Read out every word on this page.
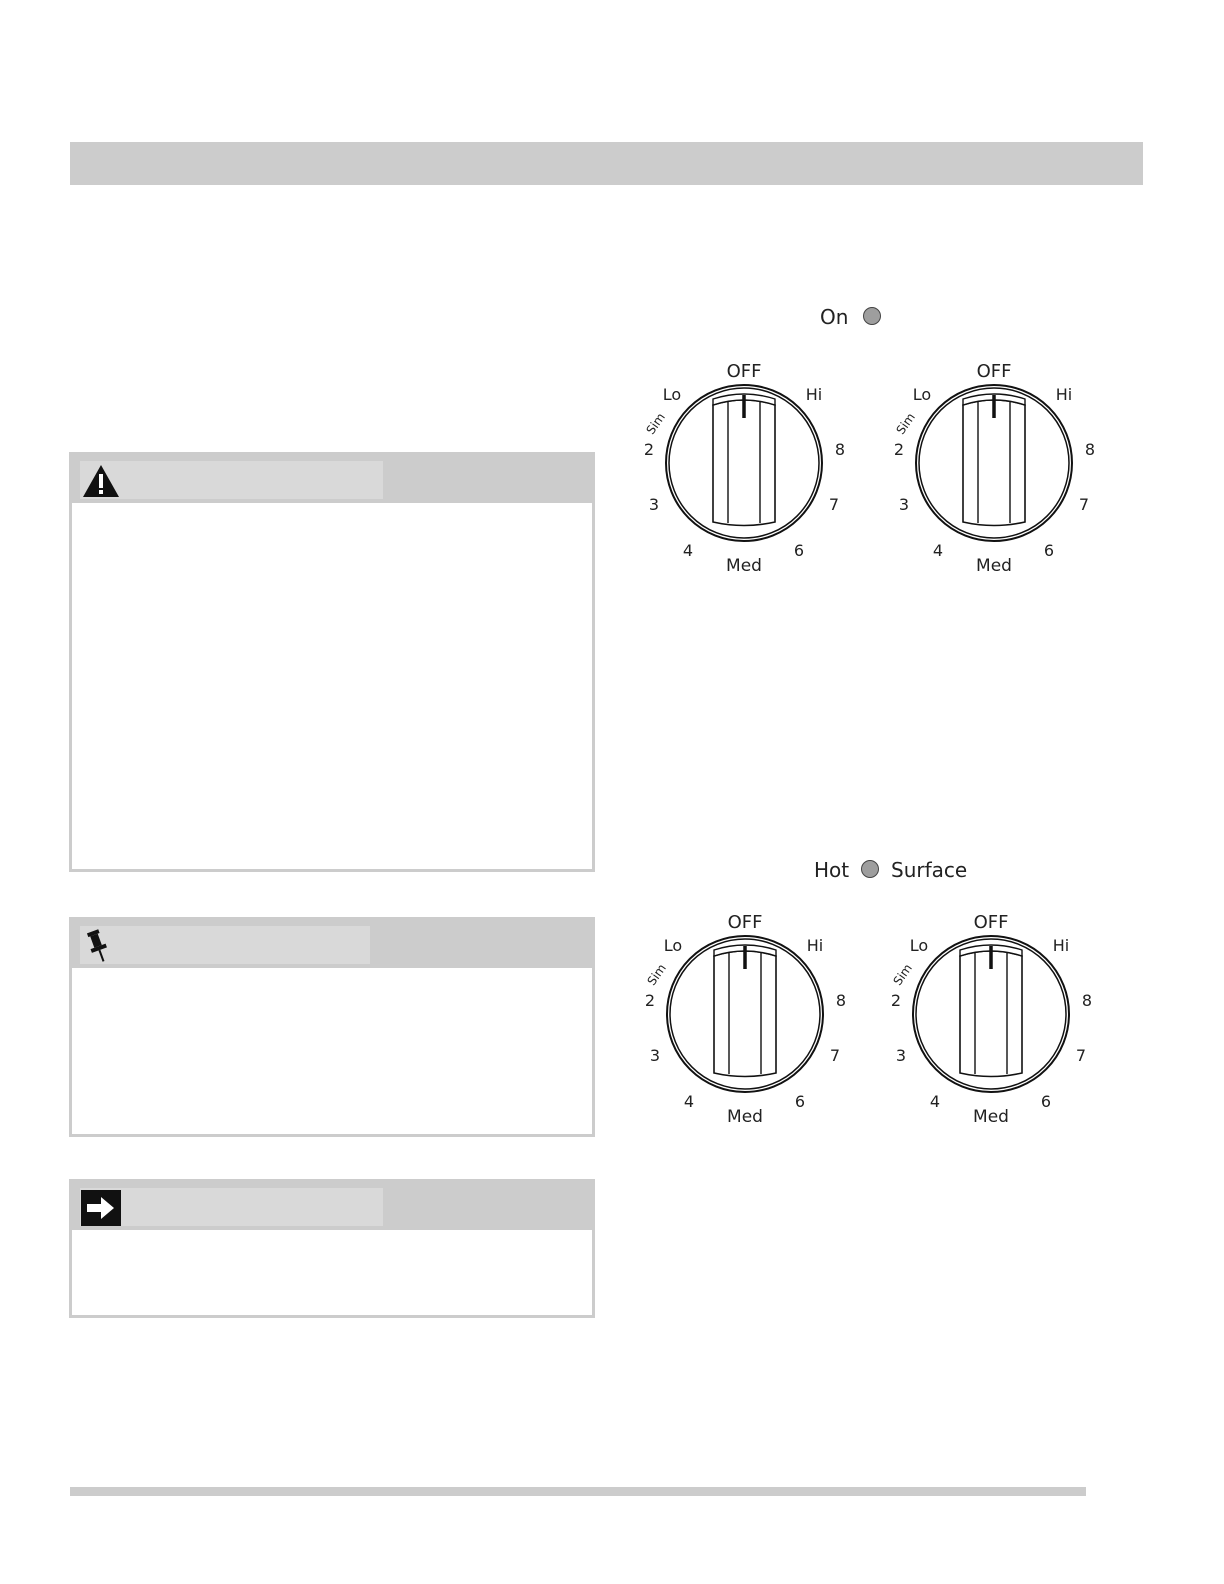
On
Hot Surface
OFF
Lo
Sim
Hi
2
3
4
Med
6
7
8
OFF
Lo
Sim
Hi
2
3
4
Med
6
7
8
OFF
Lo
Sim
Hi
2
3
4
Med
6
7
8
OFF
Lo
Sim
Hi
2
3
4
Med
6
7
8
